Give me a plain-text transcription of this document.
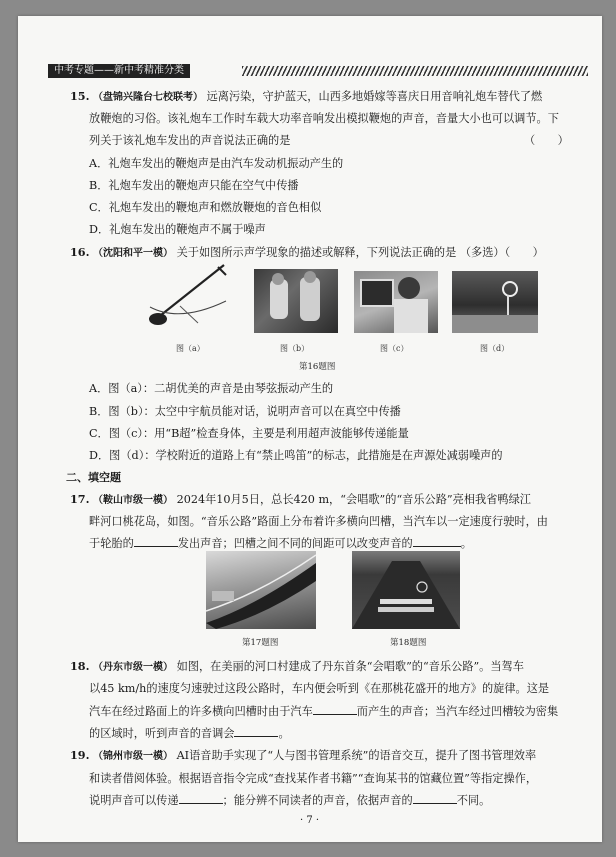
中考专题——新中考精准分类
15. （盘锦兴隆台七校联考） 远离污染，守护蓝天，山西多地婚嫁等喜庆日用音响礼炮车替代了燃
放鞭炮的习俗。该礼炮车工作时车载大功率音响发出模拟鞭炮的声音，音量大小也可以调节。下
列关于该礼炮车发出的声音说法正确的是	（　　）
A．礼炮车发出的鞭炮声是由汽车发动机振动产生的
B．礼炮车发出的鞭炮声只能在空气中传播
C．礼炮车发出的鞭炮声和燃放鞭炮的音色相似
D．礼炮车发出的鞭炮声不属于噪声
16. （沈阳和平一模） 关于如图所示声学现象的描述或解释，下列说法正确的是 （多选）（　　）
图（a）	图（b）	图（c）	图（d）
第16题图
A．图（a）：二胡优美的声音是由琴弦振动产生的
B．图（b）：太空中宇航员能对话，说明声音可以在真空中传播
C．图（c）：用“B超”检查身体，主要是利用超声波能够传递能量
D．图（d）：学校附近的道路上有“禁止鸣笛”的标志，此措施是在声源处减弱噪声的
二、填空题
17. （鞍山市级一模） 2024年10月5日，总长420 m，“会唱歌”的“音乐公路”亮相我省鸭绿江
畔河口桃花岛，如图。“音乐公路”路面上分布着许多横向凹槽，当汽车以一定速度行驶时，由
于轮胎的	发出声音；凹槽之间不同的间距可以改变声音的	。
第17题图	第18题图
18. （丹东市级一模） 如图，在美丽的河口村建成了丹东首条“会唱歌”的“音乐公路”。当驾车
以45 km/h的速度匀速驶过这段公路时，车内便会听到《在那桃花盛开的地方》的旋律。这是
汽车在经过路面上的许多横向凹槽时由于汽车	而产生的声音；当汽车经过凹槽较为密集
的区域时，听到声音的音调会	。
19. （锦州市级一模） AI语音助手实现了“人与图书管理系统”的语音交互，提升了图书管理效率
和读者借阅体验。根据语音指令完成“查找某作者书籍”“查询某书的馆藏位置”等指定操作，
说明声音可以传递	；能分辨不同读者的声音，依据声音的	不同。
· 7 ·
